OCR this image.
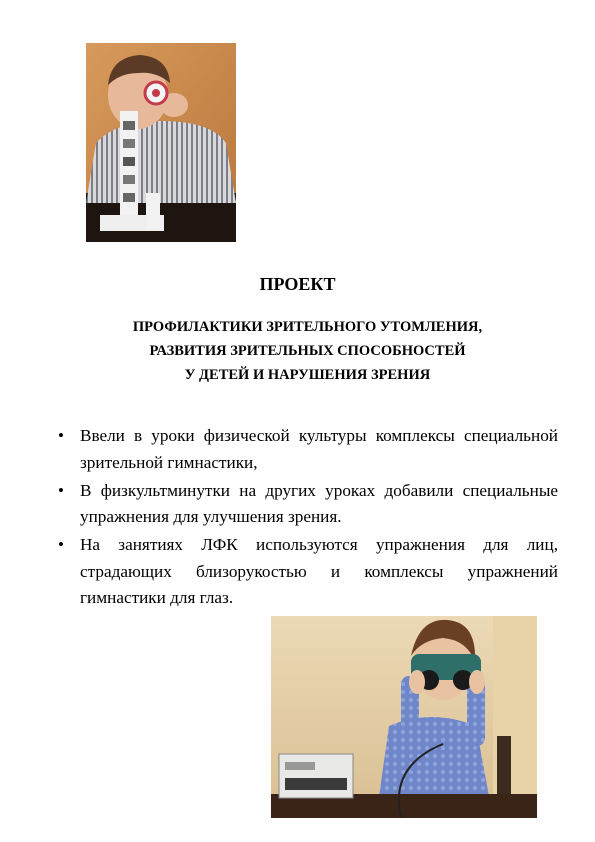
ПРОЕКТ

ПРОФИЛАКТИКИ ЗРИТЕЛЬНОГО УТОМЛЕНИЯ,

РАЗВИТИЯ ЗРИТЕЛЬНЫХ СПОСОБНОСТЕЙ

У ДЕТЕЙ И НАРУШЕНИЯ ЗРЕНИЯ

• Ввели в уроки физической культуры комплексы специальной зрительной гимнастики,
• В физкультминутки на других уроках добавили специальные упражнения для улучшения зрения.
• На занятиях ЛФК используются упражнения для лиц, страдающих близорукостью и комплексы упражнений гимнастики для глаз.
